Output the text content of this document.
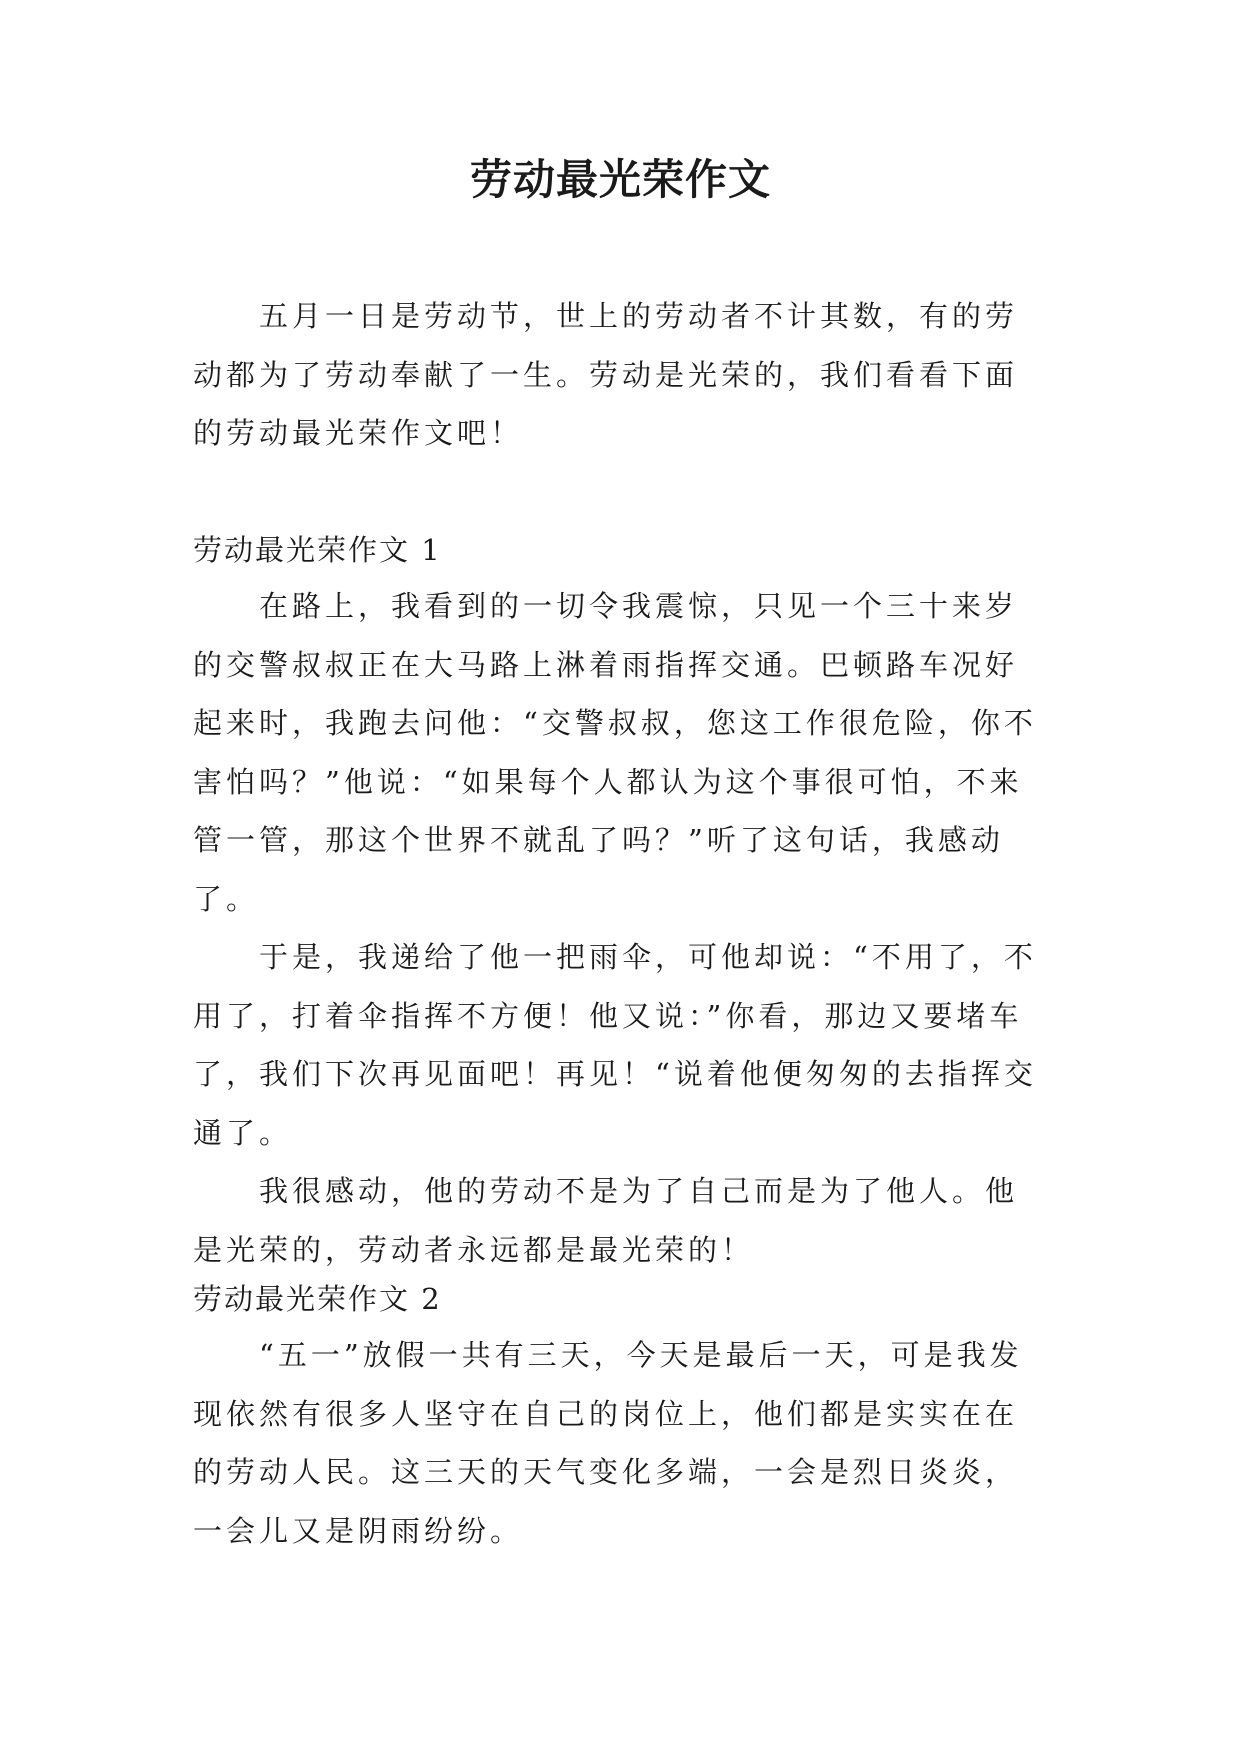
劳动最光荣作文

五月一日是劳动节，世上的劳动者不计其数，有的劳动都为了劳动奉献了一生。劳动是光荣的，我们看看下面的劳动最光荣作文吧！

劳动最光荣作文 1

在路上，我看到的一切令我震惊，只见一个三十来岁的交警叔叔正在大马路上淋着雨指挥交通。巴顿路车况好起来时，我跑去问他：“交警叔叔，您这工作很危险，你不害怕吗？”他说：“如果每个人都认为这个事很可怕，不来管一管，那这个世界不就乱了吗？”听了这句话，我感动了。

于是，我递给了他一把雨伞，可他却说：“不用了，不用了，打着伞指挥不方便！他又说：”你看，那边又要堵车了，我们下次再见面吧！再见！“说着他便匆匆的去指挥交通了。

我很感动，他的劳动不是为了自己而是为了他人。他是光荣的，劳动者永远都是最光荣的！

劳动最光荣作文 2

“五一”放假一共有三天，今天是最后一天，可是我发现依然有很多人坚守在自己的岗位上，他们都是实实在在的劳动人民。这三天的天气变化多端，一会是烈日炎炎，一会儿又是阴雨纷纷。
